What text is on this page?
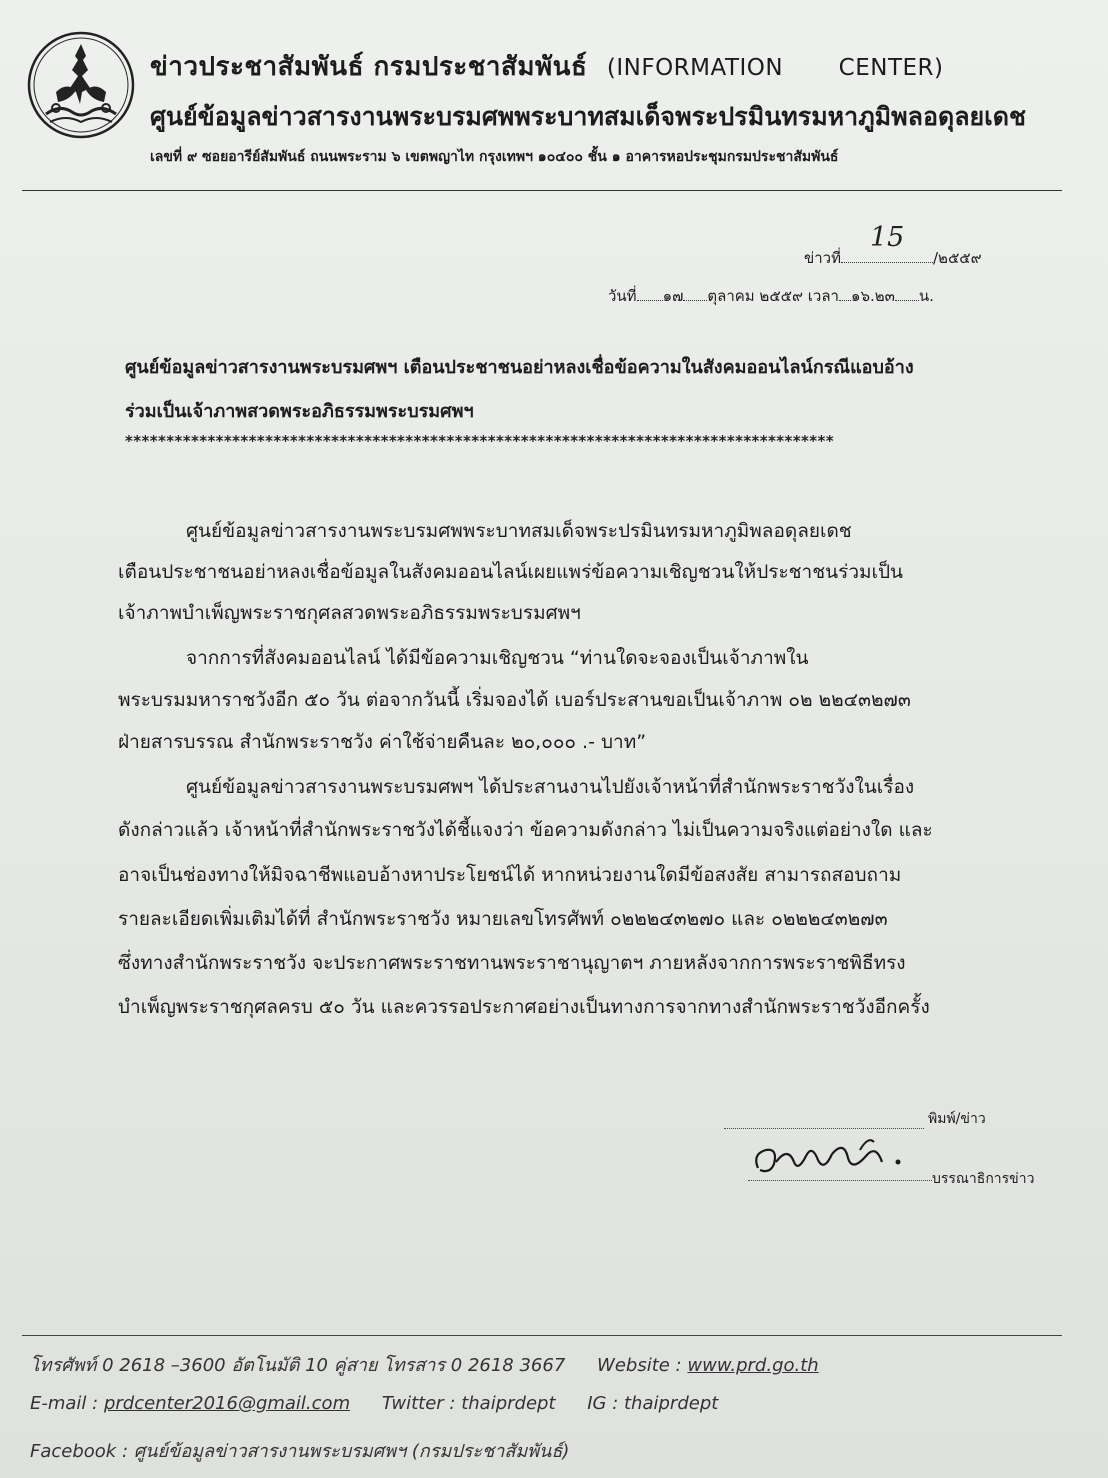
ข่าวประชาสัมพันธ์ กรมประชาสัมพันธ์ (INFORMATION CENTER)
ศูนย์ข้อมูลข่าวสารงานพระบรมศพพระบาทสมเด็จพระปรมินทรมหาภูมิพลอดุลยเดช
เลขที่ ๙ ซอยอารีย์สัมพันธ์ ถนนพระราม ๖ เขตพญาไท กรุงเทพฯ ๑๐๔๐๐ ชั้น ๑ อาคารหอประชุมกรมประชาสัมพันธ์
ข่าวที่	/๒๕๕๙
15
วันที่ ๑๗ ตุลาคม ๒๕๕๙ เวลา ๑๖.๒๓ น.
ศูนย์ข้อมูลข่าวสารงานพระบรมศพฯ เตือนประชาชนอย่าหลงเชื่อข้อความในสังคมออนไลน์กรณีแอบอ้าง
ร่วมเป็นเจ้าภาพสวดพระอภิธรรมพระบรมศพฯ
**************************************************************************************
ศูนย์ข้อมูลข่าวสารงานพระบรมศพพระบาทสมเด็จพระปรมินทรมหาภูมิพลอดุลยเดช
เตือนประชาชนอย่าหลงเชื่อข้อมูลในสังคมออนไลน์เผยแพร่ข้อความเชิญชวนให้ประชาชนร่วมเป็น
เจ้าภาพบำเพ็ญพระราชกุศลสวดพระอภิธรรมพระบรมศพฯ
จากการที่สังคมออนไลน์ ได้มีข้อความเชิญชวน “ท่านใดจะจองเป็นเจ้าภาพใน
พระบรมมหาราชวังอีก ๕๐ วัน ต่อจากวันนี้ เริ่มจองได้ เบอร์ประสานขอเป็นเจ้าภาพ ๐๒ ๒๒๔๓๒๗๓
ฝ่ายสารบรรณ สำนักพระราชวัง ค่าใช้จ่ายคืนละ ๒๐,๐๐๐ .- บาท”
ศูนย์ข้อมูลข่าวสารงานพระบรมศพฯ ได้ประสานงานไปยังเจ้าหน้าที่สำนักพระราชวังในเรื่อง
ดังกล่าวแล้ว เจ้าหน้าที่สำนักพระราชวังได้ชี้แจงว่า ข้อความดังกล่าว ไม่เป็นความจริงแต่อย่างใด และ
อาจเป็นช่องทางให้มิจฉาชีพแอบอ้างหาประโยชน์ได้ หากหน่วยงานใดมีข้อสงสัย สามารถสอบถาม
รายละเอียดเพิ่มเติมได้ที่ สำนักพระราชวัง หมายเลขโทรศัพท์ ๐๒๒๒๔๓๒๗๐ และ ๐๒๒๒๔๓๒๗๓
ซึ่งทางสำนักพระราชวัง จะประกาศพระราชทานพระราชานุญาตฯ ภายหลังจากการพระราชพิธีทรง
บำเพ็ญพระราชกุศลครบ ๕๐ วัน และควรรอประกาศอย่างเป็นทางการจากทางสำนักพระราชวังอีกครั้ง
พิมพ์/ข่าว
บรรณาธิการข่าว
โทรศัพท์ 0 2618 –3600 อัตโนมัติ 10 คู่สาย โทรสาร 0 2618 3667 Website : www.prd.go.th
E-mail : prdcenter2016@gmail.com Twitter : thaiprdept IG : thaiprdept
Facebook : ศูนย์ข้อมูลข่าวสารงานพระบรมศพฯ (กรมประชาสัมพันธ์)
